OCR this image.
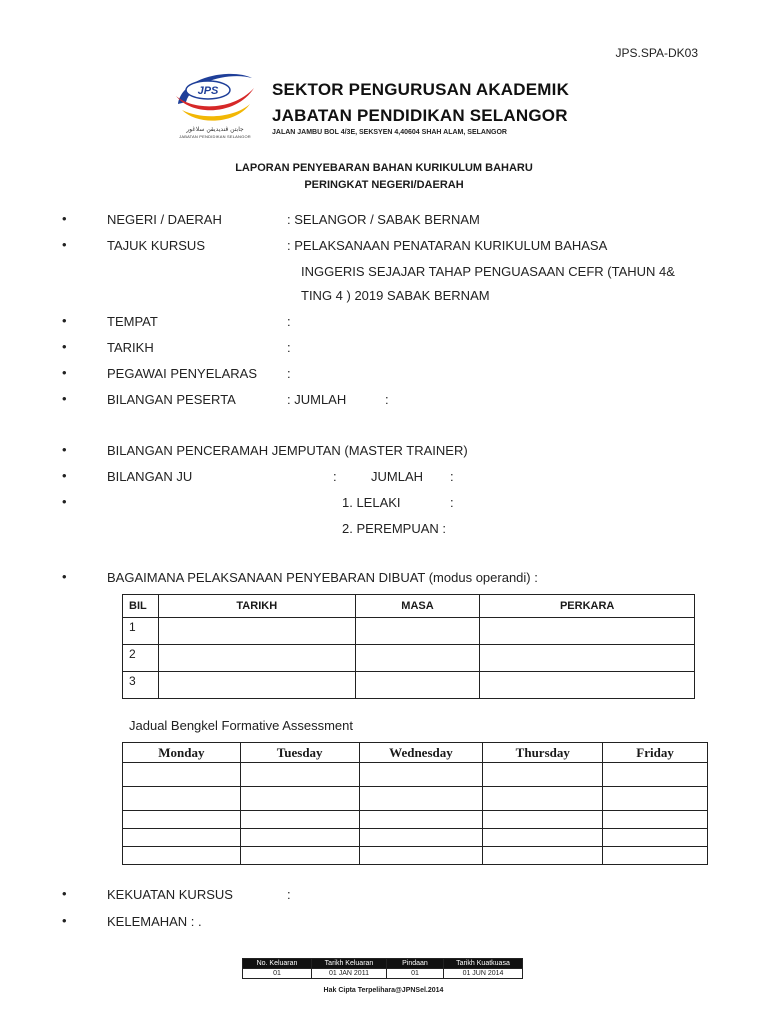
JPS.SPA-DK03
JPS
جابتن ڤنديديقن سلاڠور
JABATAN PENDIDIKAN SELANGOR
SEKTOR PENGURUSAN AKADEMIK
JABATAN PENDIDIKAN SELANGOR
JALAN JAMBU BOL 4/3E, SEKSYEN 4,40604 SHAH ALAM, SELANGOR
LAPORAN PENYEBARAN BAHAN KURIKULUM BAHARU
PERINGKAT NEGERI/DAERAH
•	NEGERI / DAERAH	: SELANGOR / SABAK BERNAM
•	TAJUK KURSUS	: PELAKSANAAN PENATARAN KURIKULUM BAHASA
INGGERIS SEJAJAR TAHAP PENGUASAAN CEFR (TAHUN 4&
TING 4 ) 2019 SABAK BERNAM
•	TEMPAT	:
•	TARIKH	:
•	PEGAWAI PENYELARAS :
•	BILANGAN PESERTA	: JUMLAH	:
•	BILANGAN PENCERAMAH JEMPUTAN (MASTER TRAINER)
•	BILANGAN JU	:	JUMLAH :
•	1. LELAKI	:
2. PEREMPUAN :
•	BAGAIMANA PELAKSANAAN PENYEBARAN DIBUAT (modus operandi) :
BIL	TARIKH	MASA	PERKARA
1			
2			
3			
Jadual Bengkel Formative Assessment
Monday	Tuesday	Wednesday	Thursday	Friday

•	KEKUATAN KURSUS	:
•	KELEMAHAN : .
No. Keluaran	Tarikh Keluaran	Pindaan	Tarikh Kuatkuasa
01	01 JAN 2011	01	01 JUN 2014
Hak Cipta Terpelihara@JPNSel.2014
